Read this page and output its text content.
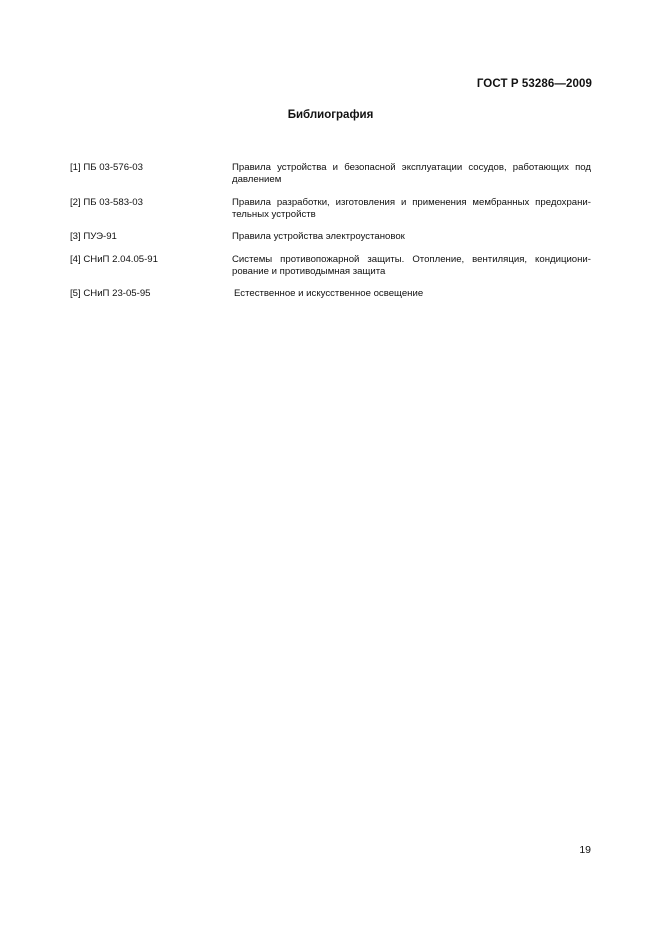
ГОСТ Р 53286—2009
Библиография
[1] ПБ 03-576-03	Правила устройства и безопасной эксплуатации сосудов, работающих под давлением
[2] ПБ 03-583-03	Правила разработки, изготовления и применения мембранных предохрани-тельных устройств
[3] ПУЭ-91	Правила устройства электроустановок
[4] СНиП 2.04.05-91	Системы противопожарной защиты. Отопление, вентиляция, кондициони-рование и противодымная защита
[5] СНиП 23-05-95	Естественное и искусственное освещение
19
